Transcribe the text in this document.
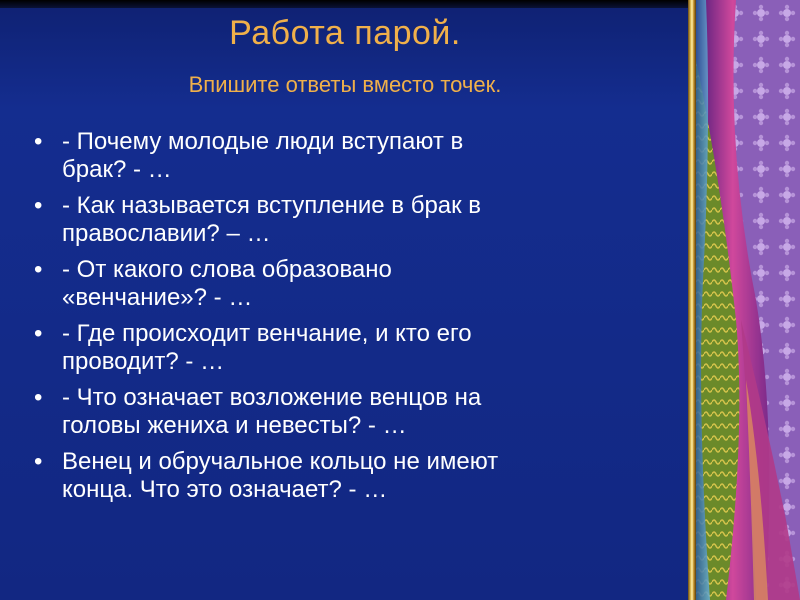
Работа парой.
Впишите ответы вместо точек.
• - Почему молодые люди вступают в
брак? - …
• - Как называется вступление в брак в
православии? – …
• - От какого слова образовано
«венчание»? - …
• - Где происходит венчание, и кто его
проводит? - …
• - Что означает возложение венцов на
головы жениха и невесты? - …
• Венец и обручальное кольцо не имеют
конца. Что это означает? - …
